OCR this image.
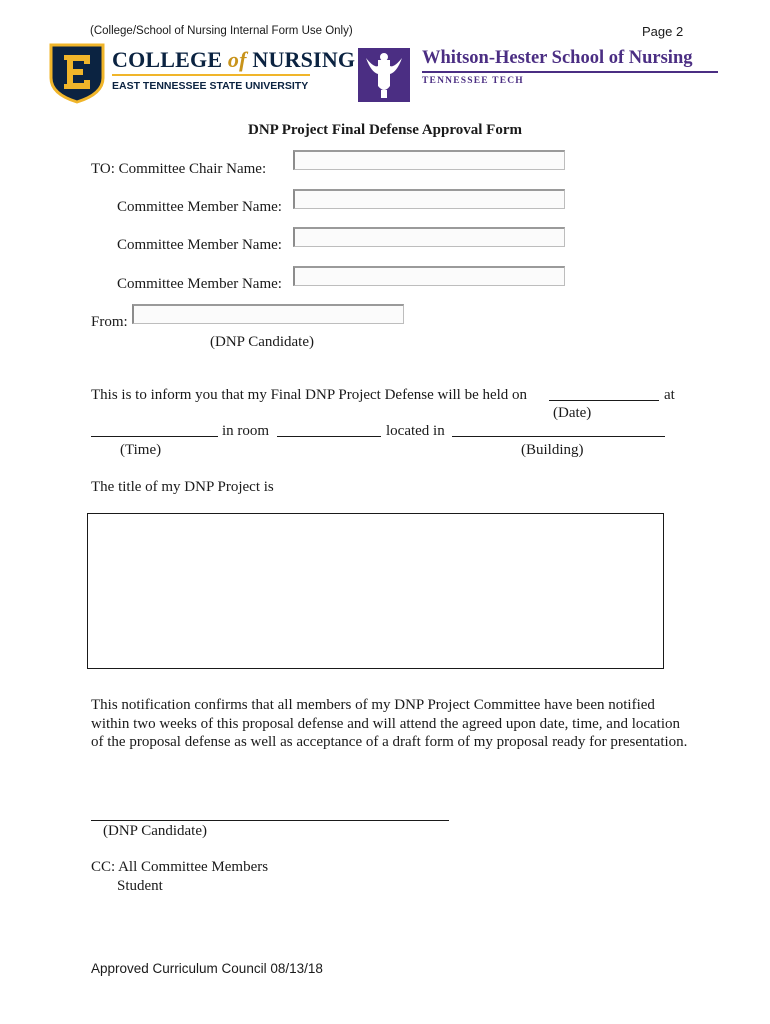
(College/School of Nursing Internal Form Use Only)	Page 2
COLLEGE of NURSING
EAST TENNESSEE STATE UNIVERSITY
Whitson-Hester School of Nursing
TENNESSEE TECH
DNP Project Final Defense Approval Form
TO: Committee Chair Name:
Committee Member Name:
Committee Member Name:
Committee Member Name:
From:
(DNP Candidate)
This is to inform you that my Final DNP Project Defense will be held on	at
(Date)
in room	located in
(Time)	(Building)
The title of my DNP Project is
This notification confirms that all members of my DNP Project Committee have been notified within two weeks of this proposal defense and will attend the agreed upon date, time, and location of the proposal defense as well as acceptance of a draft form of my proposal ready for presentation.
(DNP Candidate)
CC: All Committee Members
Student
Approved Curriculum Council 08/13/18
